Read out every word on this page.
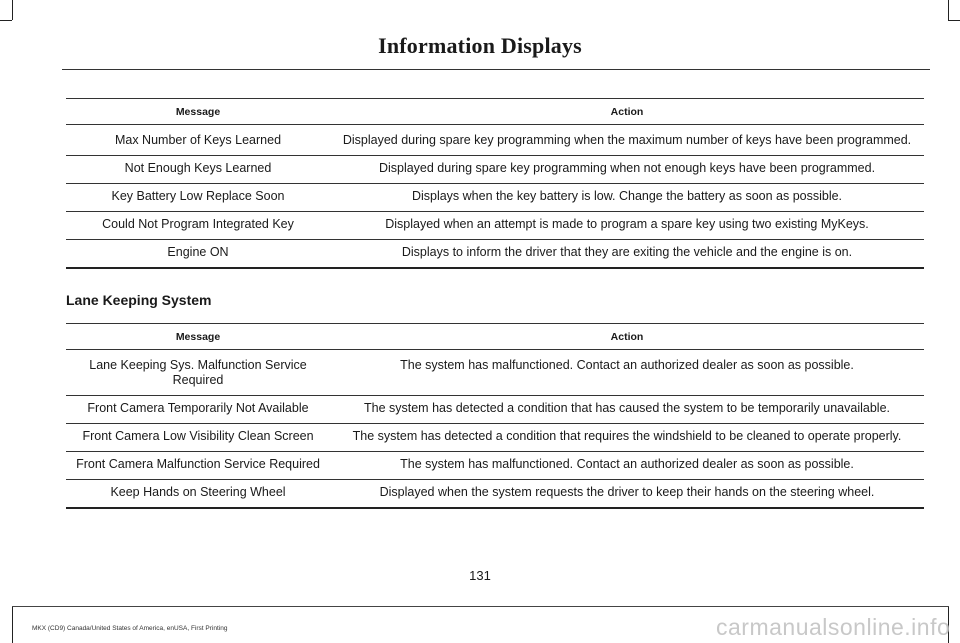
Information Displays
Message	Action
Max Number of Keys Learned	Displayed during spare key programming when the maximum number of keys have been programmed.
Not Enough Keys Learned	Displayed during spare key programming when not enough keys have been programmed.
Key Battery Low Replace Soon	Displays when the key battery is low. Change the battery as soon as possible.
Could Not Program Integrated Key	Displayed when an attempt is made to program a spare key using two existing MyKeys.
Engine ON	Displays to inform the driver that they are exiting the vehicle and the engine is on.
Lane Keeping System
Message	Action
Lane Keeping Sys. Malfunction Service Required	The system has malfunctioned. Contact an authorized dealer as soon as possible.
Front Camera Temporarily Not Available	The system has detected a condition that has caused the system to be temporarily unavailable.
Front Camera Low Visibility Clean Screen	The system has detected a condition that requires the windshield to be cleaned to operate properly.
Front Camera Malfunction Service Required	The system has malfunctioned. Contact an authorized dealer as soon as possible.
Keep Hands on Steering Wheel	Displayed when the system requests the driver to keep their hands on the steering wheel.
131
MKX (CD9) Canada/United States of America, enUSA, First Printing	carmanualsonline.info
